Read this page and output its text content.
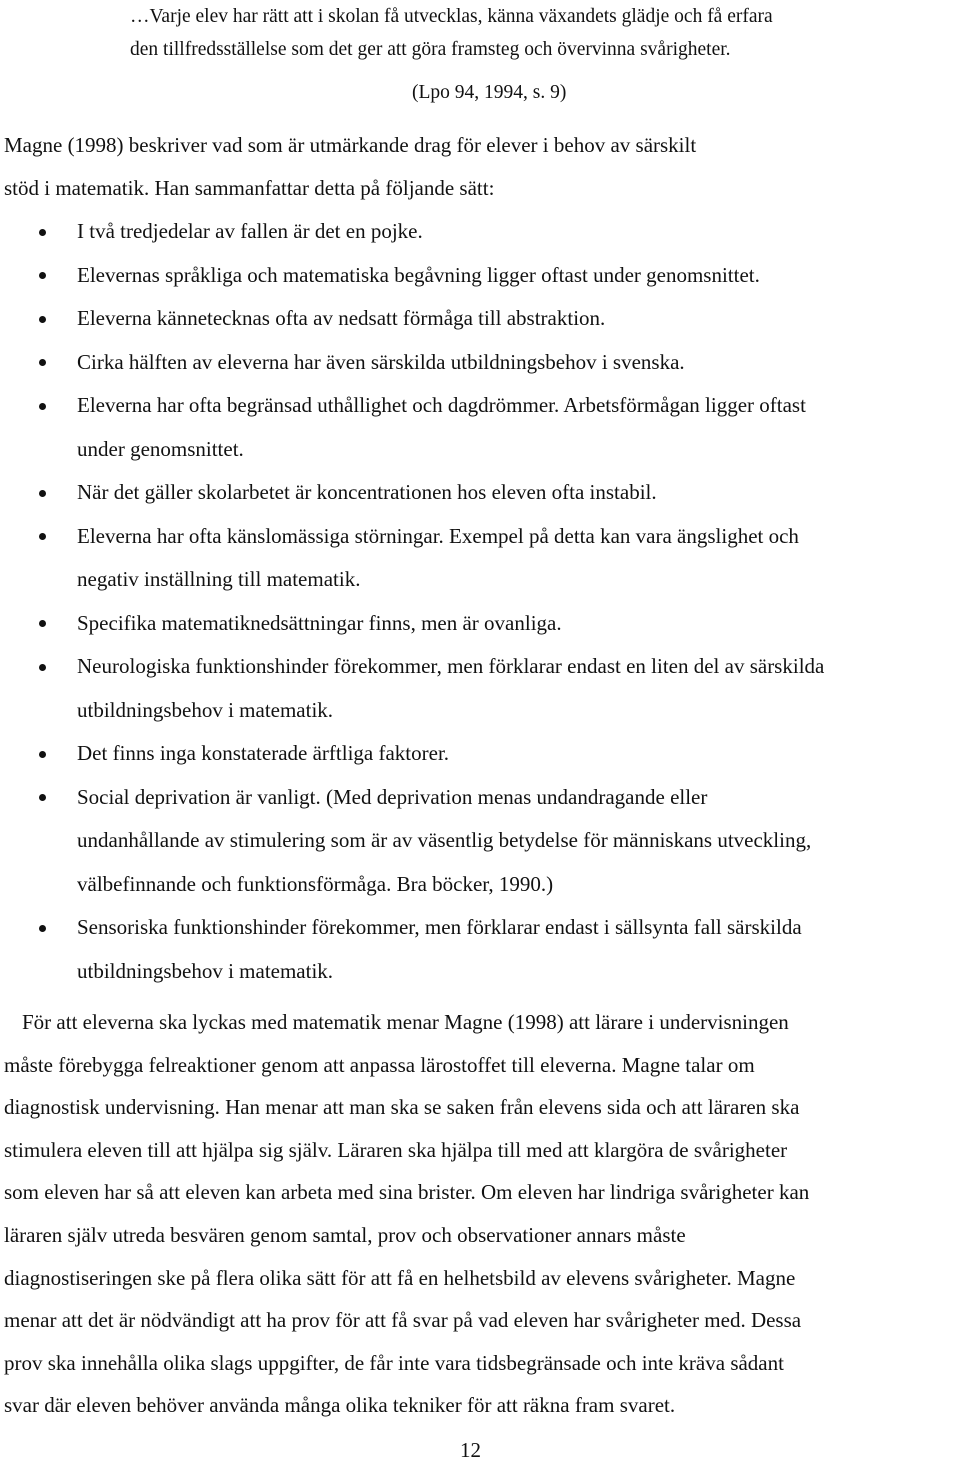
…Varje elev har rätt att i skolan få utvecklas, känna växandets glädje och få erfara
den tillfredsställelse som det ger att göra framsteg och övervinna svårigheter.
(Lpo 94, 1994, s. 9)
Magne (1998) beskriver vad som är utmärkande drag för elever i behov av särskilt
stöd i matematik. Han sammanfattar detta på följande sätt:
I två tredjedelar av fallen är det en pojke.
Elevernas språkliga och matematiska begåvning ligger oftast under genomsnittet.
Eleverna kännetecknas ofta av nedsatt förmåga till abstraktion.
Cirka hälften av eleverna har även särskilda utbildningsbehov i svenska.
Eleverna har ofta begränsad uthållighet och dagdrömmer. Arbetsförmågan ligger oftast
under genomsnittet.
När det gäller skolarbetet är koncentrationen hos eleven ofta instabil.
Eleverna har ofta känslomässiga störningar. Exempel på detta kan vara ängslighet och
negativ inställning till matematik.
Specifika matematiknedsättningar finns, men är ovanliga.
Neurologiska funktionshinder förekommer, men förklarar endast en liten del av särskilda
utbildningsbehov i matematik.
Det finns inga konstaterade ärftliga faktorer.
Social deprivation är vanligt. (Med deprivation menas undandragande eller
undanhållande av stimulering som är av väsentlig betydelse för människans utveckling,
välbefinnande och funktionsförmåga. Bra böcker, 1990.)
Sensoriska funktionshinder förekommer, men förklarar endast i sällsynta fall särskilda
utbildningsbehov i matematik.
För att eleverna ska lyckas med matematik menar Magne (1998) att lärare i undervisningen
måste förebygga felreaktioner genom att anpassa lärostoffet till eleverna. Magne talar om
diagnostisk undervisning. Han menar att man ska se saken från elevens sida och att läraren ska
stimulera eleven till att hjälpa sig själv. Läraren ska hjälpa till med att klargöra de svårigheter
som eleven har så att eleven kan arbeta med sina brister. Om eleven har lindriga svårigheter kan
läraren själv utreda besvären genom samtal, prov och observationer annars måste
diagnostiseringen ske på flera olika sätt för att få en helhetsbild av elevens svårigheter. Magne
menar att det är nödvändigt att ha prov för att få svar på vad eleven har svårigheter med. Dessa
prov ska innehålla olika slags uppgifter, de får inte vara tidsbegränsade och inte kräva sådant
svar där eleven behöver använda många olika tekniker för att räkna fram svaret.
12
